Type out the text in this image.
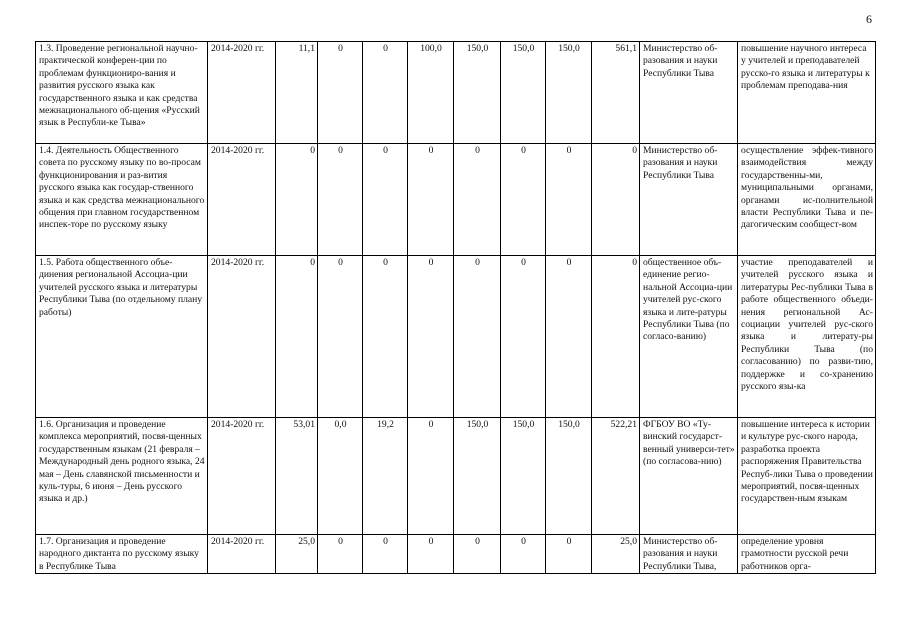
6
1.3. Проведение региональной научно-практической конферен-ции по проблемам функциониро-вания и развития русского языка как государственного языка и как средства межнационального об-щения «Русский язык в Республи-ке Тыва»	2014-2020 гг.	11,1	0	0	100,0	150,0	150,0	150,0	561,1	Министерство об-разования и науки Республики Тыва	повышение научного интереса у учителей и преподавателей русско-го языка и литературы к проблемам преподава-ния
1.4. Деятельность Общественного совета по русскому языку по во-просам функционирования и раз-вития русского языка как государ-ственного языка и как средства межнационального общения при главном государственном инспек-торе по русскому языку	2014-2020 гг.	0	0	0	0	0	0	0	0	Министерство об-разования и науки Республики Тыва	осуществление эффек-тивного взаимодействия между государственны-ми, муниципальными органами, органами ис-полнительной власти Республики Тыва и пе-дагогическим сообщест-вом
1.5. Работа общественного объе-динения региональной Ассоциа-ции учителей русского языка и литературы Республики Тыва (по отдельному плану работы)	2014-2020 гг.	0	0	0	0	0	0	0	0	общественное объ-единение регио-нальной Ассоциа-ции учителей рус-ского языка и лите-ратуры Республики Тыва (по согласо-ванию)	участие преподавателей и учителей русского языка и литературы Рес-публики Тыва в работе общественного объеди-нения региональной Ас-социации учителей рус-ского языка и литерату-ры Республики Тыва (по согласованию) по разви-тию, поддержке и со-хранению русского язы-ка
1.6. Организация и проведение комплекса мероприятий, посвя-щенных государственным языкам (21 февраля – Международный день родного языка, 24 мая – День славянской письменности и куль-туры, 6 июня – День русского языка и др.)	2014-2020 гг.	53,01	0,0	19,2	0	150,0	150,0	150,0	522,21	ФГБОУ ВО «Ту-винский государст-венный универси-тет» (по согласова-нию)	повышение интереса к истории и культуре рус-ского народа, разработка проекта распоряжения Правительства Респуб-лики Тыва о проведении мероприятий, посвя-щенных государствен-ным языкам
1.7. Организация и проведение народного диктанта по русскому языку в Республике Тыва	2014-2020 гг.	25,0	0	0	0	0	0	0	25,0	Министерство об-разования и науки Республики Тыва,	определение уровня грамотности русской речи работников орга-
